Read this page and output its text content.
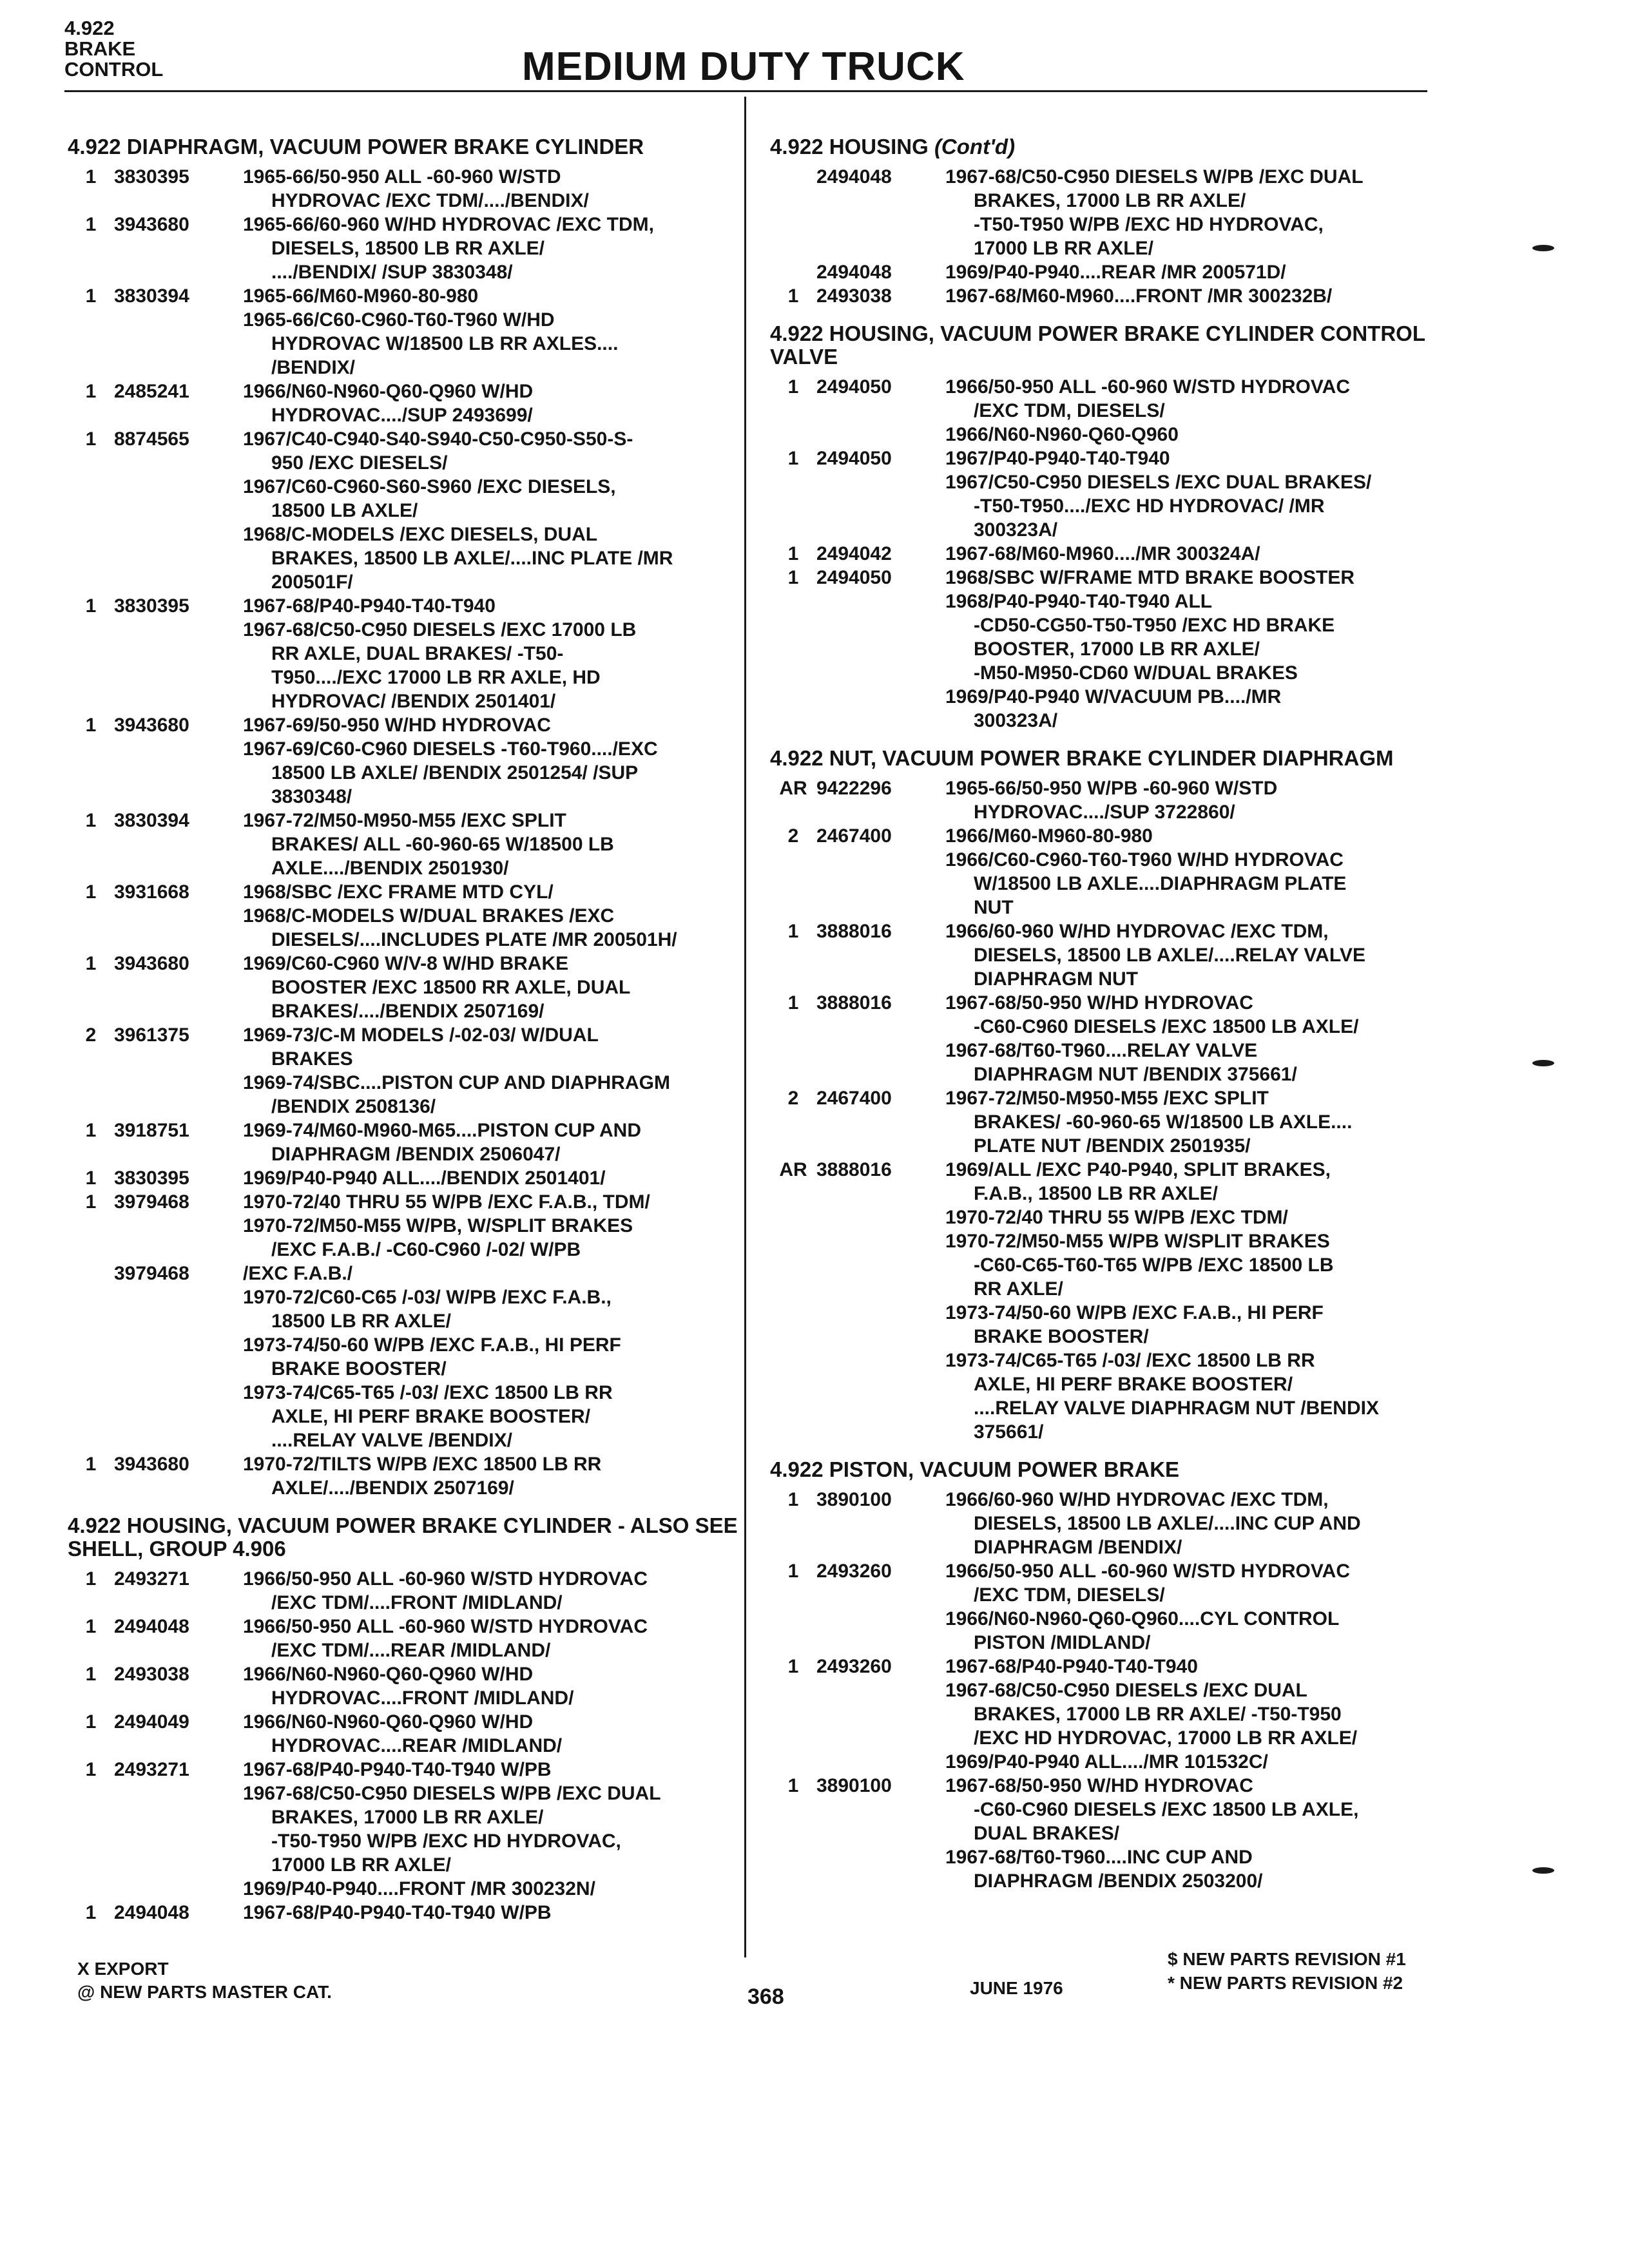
4.922
BRAKE
CONTROL	MEDIUM DUTY TRUCK
4.922 DIAPHRAGM, VACUUM POWER BRAKE CYLINDER
1 3830395	1965-66/50-950 ALL -60-960 W/STD
HYDROVAC /EXC TDM/..../BENDIX/
1 3943680	1965-66/60-960 W/HD HYDROVAC /EXC TDM,
DIESELS, 18500 LB RR AXLE/
..../BENDIX/ /SUP 3830348/
1 3830394	1965-66/M60-M960-80-980
1965-66/C60-C960-T60-T960 W/HD
HYDROVAC W/18500 LB RR AXLES....
/BENDIX/
1 2485241	1966/N60-N960-Q60-Q960 W/HD
HYDROVAC..../SUP 2493699/
1 8874565	1967/C40-C940-S40-S940-C50-C950-S50-S-
950 /EXC DIESELS/
1967/C60-C960-S60-S960 /EXC DIESELS,
18500 LB AXLE/
1968/C-MODELS /EXC DIESELS, DUAL
BRAKES, 18500 LB AXLE/....INC PLATE /MR
200501F/
1 3830395	1967-68/P40-P940-T40-T940
1967-68/C50-C950 DIESELS /EXC 17000 LB
RR AXLE, DUAL BRAKES/ -T50-
T950..../EXC 17000 LB RR AXLE, HD
HYDROVAC/ /BENDIX 2501401/
1 3943680	1967-69/50-950 W/HD HYDROVAC
1967-69/C60-C960 DIESELS -T60-T960..../EXC
18500 LB AXLE/ /BENDIX 2501254/ /SUP
3830348/
1 3830394	1967-72/M50-M950-M55 /EXC SPLIT
BRAKES/ ALL -60-960-65 W/18500 LB
AXLE..../BENDIX 2501930/
1 3931668	1968/SBC /EXC FRAME MTD CYL/
1968/C-MODELS W/DUAL BRAKES /EXC
DIESELS/....INCLUDES PLATE /MR 200501H/
1 3943680	1969/C60-C960 W/V-8 W/HD BRAKE
BOOSTER /EXC 18500 RR AXLE, DUAL
BRAKES/..../BENDIX 2507169/
2 3961375	1969-73/C-M MODELS /-02-03/ W/DUAL
BRAKES
1969-74/SBC....PISTON CUP AND DIAPHRAGM
/BENDIX 2508136/
1 3918751	1969-74/M60-M960-M65....PISTON CUP AND
DIAPHRAGM /BENDIX 2506047/
1 3830395	1969/P40-P940 ALL..../BENDIX 2501401/
1 3979468	1970-72/40 THRU 55 W/PB /EXC F.A.B., TDM/
1970-72/M50-M55 W/PB, W/SPLIT BRAKES
/EXC F.A.B./ -C60-C960 /-02/ W/PB
3979468	/EXC F.A.B./
1970-72/C60-C65 /-03/ W/PB /EXC F.A.B.,
18500 LB RR AXLE/
1973-74/50-60 W/PB /EXC F.A.B., HI PERF
BRAKE BOOSTER/
1973-74/C65-T65 /-03/ /EXC 18500 LB RR
AXLE, HI PERF BRAKE BOOSTER/
....RELAY VALVE /BENDIX/
1 3943680	1970-72/TILTS W/PB /EXC 18500 LB RR
AXLE/..../BENDIX 2507169/
4.922 HOUSING, VACUUM POWER BRAKE CYLINDER - ALSO SEE SHELL, GROUP 4.906
1 2493271	1966/50-950 ALL -60-960 W/STD HYDROVAC
/EXC TDM/....FRONT /MIDLAND/
1 2494048	1966/50-950 ALL -60-960 W/STD HYDROVAC
/EXC TDM/....REAR /MIDLAND/
1 2493038	1966/N60-N960-Q60-Q960 W/HD
HYDROVAC....FRONT /MIDLAND/
1 2494049	1966/N60-N960-Q60-Q960 W/HD
HYDROVAC....REAR /MIDLAND/
1 2493271	1967-68/P40-P940-T40-T940 W/PB
1967-68/C50-C950 DIESELS W/PB /EXC DUAL
BRAKES, 17000 LB RR AXLE/
-T50-T950 W/PB /EXC HD HYDROVAC,
17000 LB RR AXLE/
1969/P40-P940....FRONT /MR 300232N/
1 2494048	1967-68/P40-P940-T40-T940 W/PB
4.922 HOUSING (Cont'd)
2494048	1967-68/C50-C950 DIESELS W/PB /EXC DUAL
BRAKES, 17000 LB RR AXLE/
-T50-T950 W/PB /EXC HD HYDROVAC,
17000 LB RR AXLE/
2494048	1969/P40-P940....REAR /MR 200571D/
1 2493038	1967-68/M60-M960....FRONT /MR 300232B/
4.922 HOUSING, VACUUM POWER BRAKE CYLINDER CONTROL VALVE
1 2494050	1966/50-950 ALL -60-960 W/STD HYDROVAC
/EXC TDM, DIESELS/
1966/N60-N960-Q60-Q960
1 2494050	1967/P40-P940-T40-T940
1967/C50-C950 DIESELS /EXC DUAL BRAKES/
-T50-T950..../EXC HD HYDROVAC/ /MR
300323A/
1 2494042	1967-68/M60-M960..../MR 300324A/
1 2494050	1968/SBC W/FRAME MTD BRAKE BOOSTER
1968/P40-P940-T40-T940 ALL
-CD50-CG50-T50-T950 /EXC HD BRAKE
BOOSTER, 17000 LB RR AXLE/
-M50-M950-CD60 W/DUAL BRAKES
1969/P40-P940 W/VACUUM PB..../MR
300323A/
4.922 NUT, VACUUM POWER BRAKE CYLINDER DIAPHRAGM
AR 9422296	1965-66/50-950 W/PB -60-960 W/STD
HYDROVAC..../SUP 3722860/
2 2467400	1966/M60-M960-80-980
1966/C60-C960-T60-T960 W/HD HYDROVAC
W/18500 LB AXLE....DIAPHRAGM PLATE
NUT
1 3888016	1966/60-960 W/HD HYDROVAC /EXC TDM,
DIESELS, 18500 LB AXLE/....RELAY VALVE
DIAPHRAGM NUT
1 3888016	1967-68/50-950 W/HD HYDROVAC
-C60-C960 DIESELS /EXC 18500 LB AXLE/
1967-68/T60-T960....RELAY VALVE
DIAPHRAGM NUT /BENDIX 375661/
2 2467400	1967-72/M50-M950-M55 /EXC SPLIT
BRAKES/ -60-960-65 W/18500 LB AXLE....
PLATE NUT /BENDIX 2501935/
AR 3888016	1969/ALL /EXC P40-P940, SPLIT BRAKES,
F.A.B., 18500 LB RR AXLE/
1970-72/40 THRU 55 W/PB /EXC TDM/
1970-72/M50-M55 W/PB W/SPLIT BRAKES
-C60-C65-T60-T65 W/PB /EXC 18500 LB
RR AXLE/
1973-74/50-60 W/PB /EXC F.A.B., HI PERF
BRAKE BOOSTER/
1973-74/C65-T65 /-03/ /EXC 18500 LB RR
AXLE, HI PERF BRAKE BOOSTER/
....RELAY VALVE DIAPHRAGM NUT /BENDIX
375661/
4.922 PISTON, VACUUM POWER BRAKE
1 3890100	1966/60-960 W/HD HYDROVAC /EXC TDM,
DIESELS, 18500 LB AXLE/....INC CUP AND
DIAPHRAGM /BENDIX/
1 2493260	1966/50-950 ALL -60-960 W/STD HYDROVAC
/EXC TDM, DIESELS/
1966/N60-N960-Q60-Q960....CYL CONTROL
PISTON /MIDLAND/
1 2493260	1967-68/P40-P940-T40-T940
1967-68/C50-C950 DIESELS /EXC DUAL
BRAKES, 17000 LB RR AXLE/ -T50-T950
/EXC HD HYDROVAC, 17000 LB RR AXLE/
1969/P40-P940 ALL..../MR 101532C/
1 3890100	1967-68/50-950 W/HD HYDROVAC
-C60-C960 DIESELS /EXC 18500 LB AXLE,
DUAL BRAKES/
1967-68/T60-T960....INC CUP AND
DIAPHRAGM /BENDIX 2503200/
X EXPORT
@ NEW PARTS MASTER CAT.	368	JUNE 1976
$ NEW PARTS REVISION #1
* NEW PARTS REVISION #2
